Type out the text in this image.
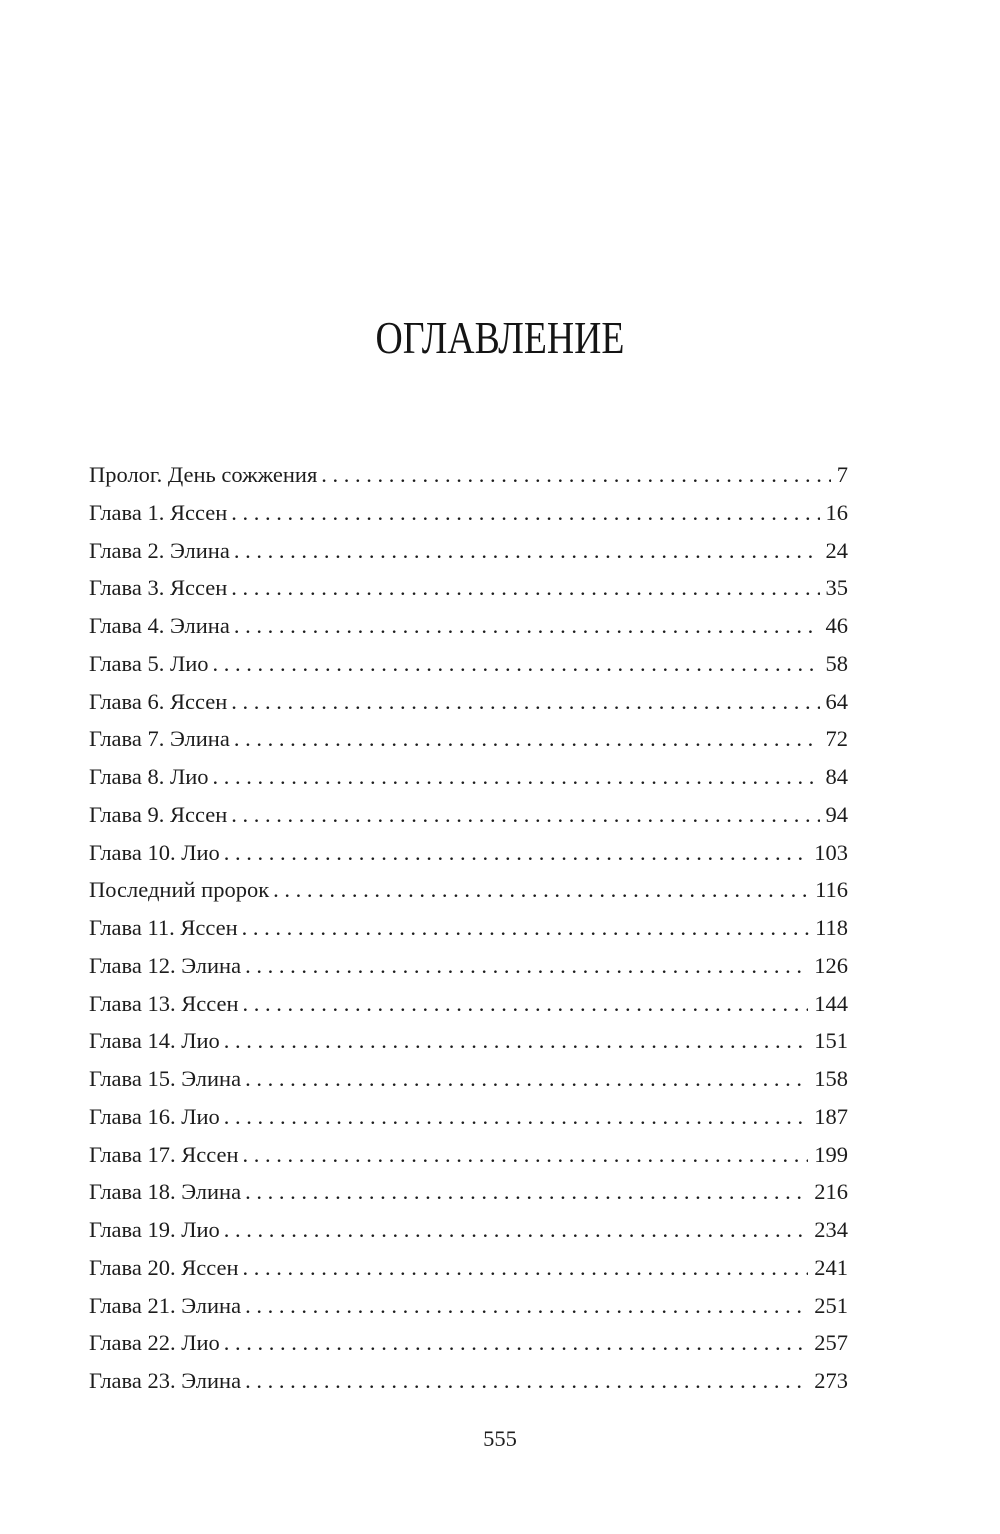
ОГЛАВЛЕНИЕ
Пролог. День сожжения . . .	7
Глава 1. Яссен . . .	16
Глава 2. Элина . . .	24
Глава 3. Яссен . . .	35
Глава 4. Элина . . .	46
Глава 5. Лио . . .	58
Глава 6. Яссен . . .	64
Глава 7. Элина . . .	72
Глава 8. Лио . . .	84
Глава 9. Яссен . . .	94
Глава 10. Лио . . .	103
Последний пророк . . .	116
Глава 11. Яссен . . .	118
Глава 12. Элина . . .	126
Глава 13. Яссен . . .	144
Глава 14. Лио . . .	151
Глава 15. Элина . . .	158
Глава 16. Лио . . .	187
Глава 17. Яссен . . .	199
Глава 18. Элина . . .	216
Глава 19. Лио . . .	234
Глава 20. Яссен . . .	241
Глава 21. Элина . . .	251
Глава 22. Лио . . .	257
Глава 23. Элина . . .	273
555
